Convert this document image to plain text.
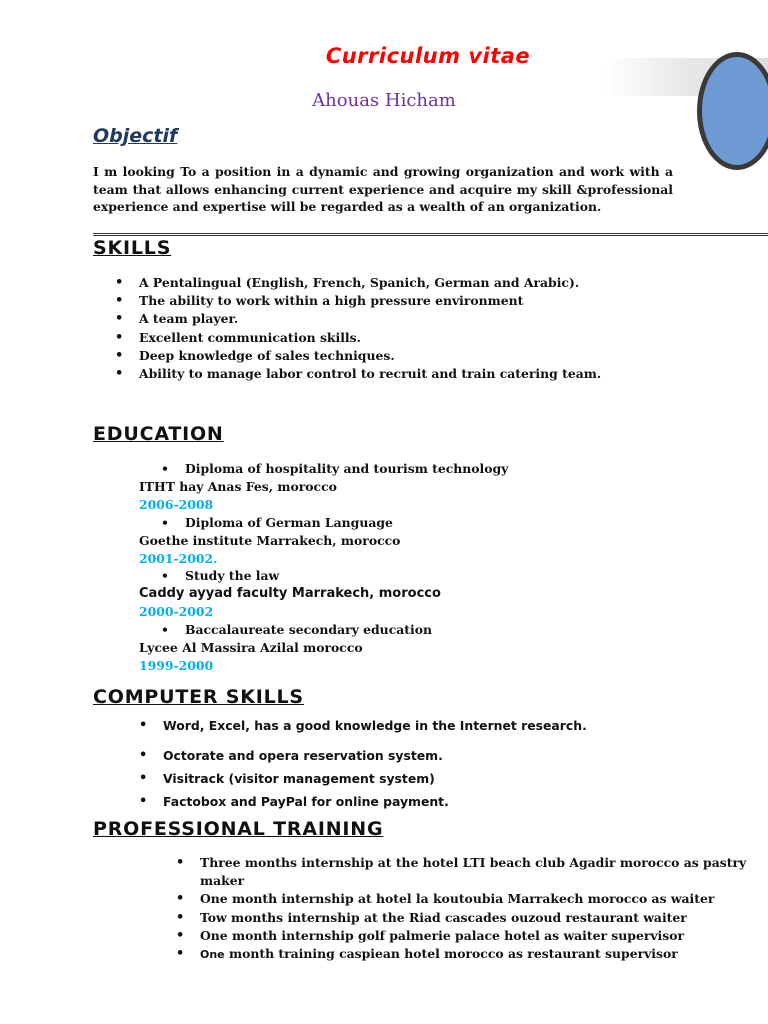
Curriculum vitae
Ahouas Hicham
Objectif
I m looking To a position in a dynamic and growing organization and work with a team that allows enhancing current experience and acquire my skill &professional experience and expertise will be regarded as a wealth of an organization.
SKILLS
• A Pentalingual (English, French, Spanich, German and Arabic).
• The ability to work within a high pressure environment
• A team player.
• Excellent communication skills.
• Deep knowledge of sales techniques.
• Ability to manage labor control to recruit and train catering team.
EDUCATION
• Diploma of hospitality and tourism technology
ITHT hay Anas Fes, morocco
2006-2008
• Diploma of German Language
Goethe institute Marrakech, morocco
2001-2002.
• Study the law
Caddy ayyad faculty Marrakech, morocco
2000-2002
• Baccalaureate secondary education
Lycee Al Massira Azilal morocco
1999-2000
COMPUTER SKILLS
• Word, Excel, has a good knowledge in the Internet research.
• Octorate and opera reservation system.
• Visitrack (visitor management system)
• Factobox and PayPal for online payment.
PROFESSIONAL TRAINING
• Three months internship at the hotel LTI beach club Agadir morocco as pastry maker
• One month internship at hotel la koutoubia Marrakech morocco as waiter
• Tow months internship at the Riad cascades ouzoud restaurant waiter
• One month internship golf palmerie palace hotel as waiter supervisor
• One month training caspiean hotel morocco as restaurant supervisor
